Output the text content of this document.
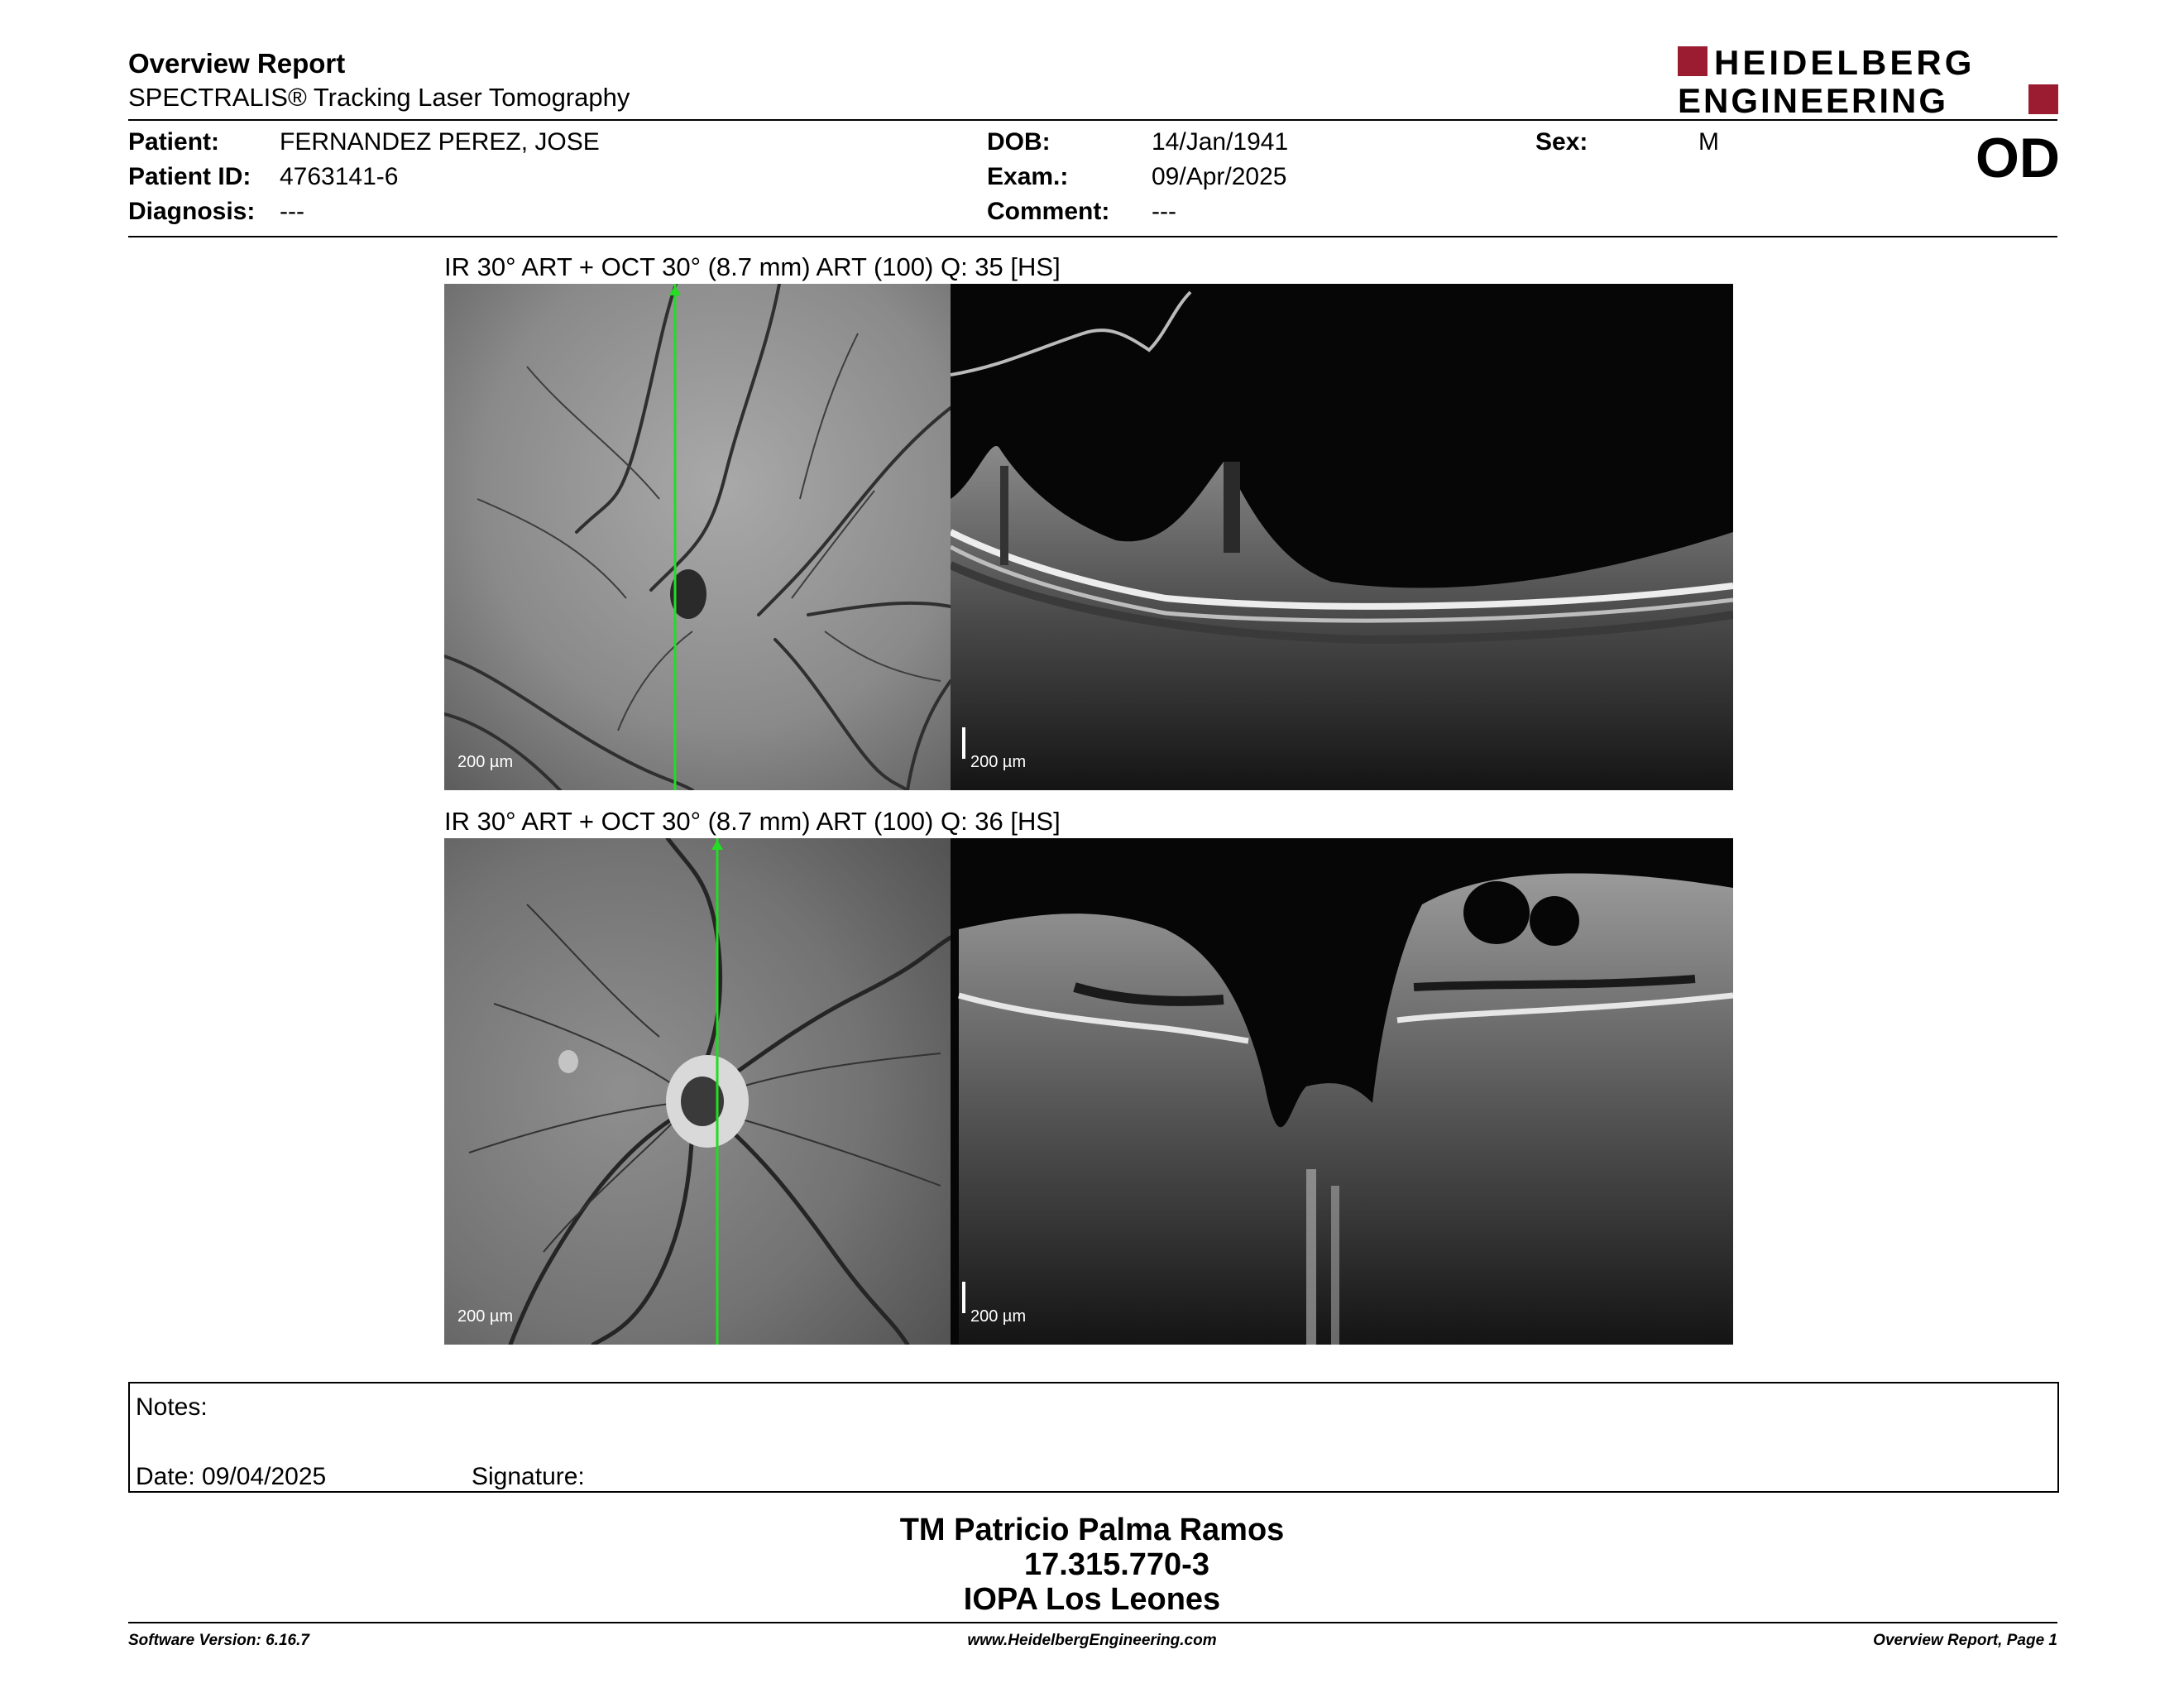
Overview Report
SPECTRALIS® Tracking Laser Tomography
HEIDELBERG
ENGINEERING
Patient: FERNANDEZ PEREZ, JOSE
Patient ID: 4763141-6
Diagnosis: ---
DOB:	14/Jan/1941
Exam.:	09/Apr/2025
Comment: ---
Sex:	M	OD
IR 30° ART + OCT 30° (8.7 mm) ART (100) Q: 35 [HS]
200 µm	200 µm
IR 30° ART + OCT 30° (8.7 mm) ART (100) Q: 36 [HS]
200 µm	200 µm
Notes:
Date: 09/04/2025	Signature:
TM Patricio Palma Ramos
17.315.770-3
IOPA Los Leones
Software Version: 6.16.7	www.HeidelbergEngineering.com	Overview Report, Page 1
